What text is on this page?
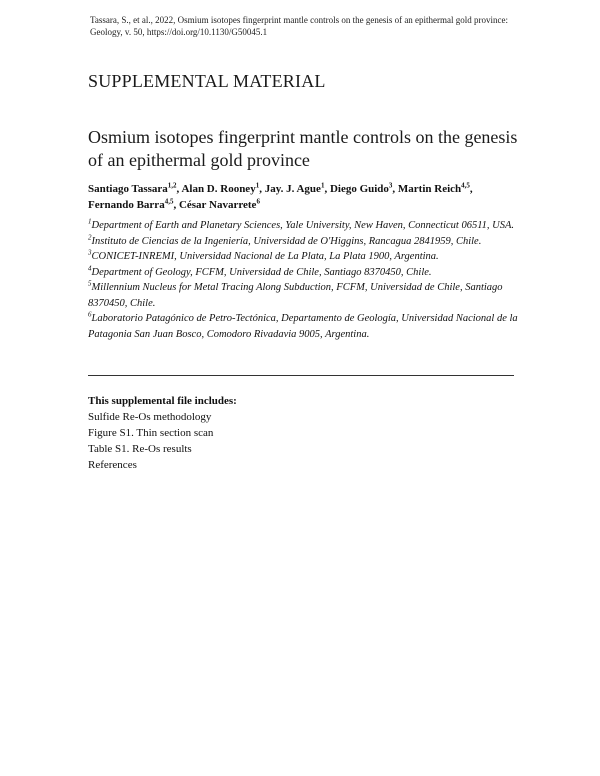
Tassara, S., et al., 2022, Osmium isotopes fingerprint mantle controls on the genesis of an epithermal gold province: Geology, v. 50, https://doi.org/10.1130/G50045.1
SUPPLEMENTAL MATERIAL
Osmium isotopes fingerprint mantle controls on the genesis of an epithermal gold province
Santiago Tassara$^{1,2}$, Alan D. Rooney$^1$, Jay. J. Ague$^1$, Diego Guido$^3$, Martin Reich$^{4,5}$,
Fernando Barra$^{4,5}$, César Navarrete$^6$

$^1$Department of Earth and Planetary Sciences, Yale University, New Haven, Connecticut 06511, USA.

$^2$Instituto de Ciencias de la Ingeniería, Universidad de O'Higgins, Rancagua 2841959, Chile.

$^3$CONICET-INREMI, Universidad Nacional de La Plata, La Plata 1900, Argentina.

$^4$Department of Geology, FCFM, Universidad de Chile, Santiago 8370450, Chile.

$^5$Millennium Nucleus for Metal Tracing Along Subduction, FCFM, Universidad de Chile, Santiago 8370450, Chile.

$^6$Laboratorio Patagónico de Petro-Tectónica, Departamento de Geología, Universidad Nacional de la Patagonia San Juan Bosco, Comodoro Rivadavia 9005, Argentina.

This supplemental file includes:
Sulfide Re-Os methodology
Figure S1. Thin section scan
Table S1. Re-Os results
References
